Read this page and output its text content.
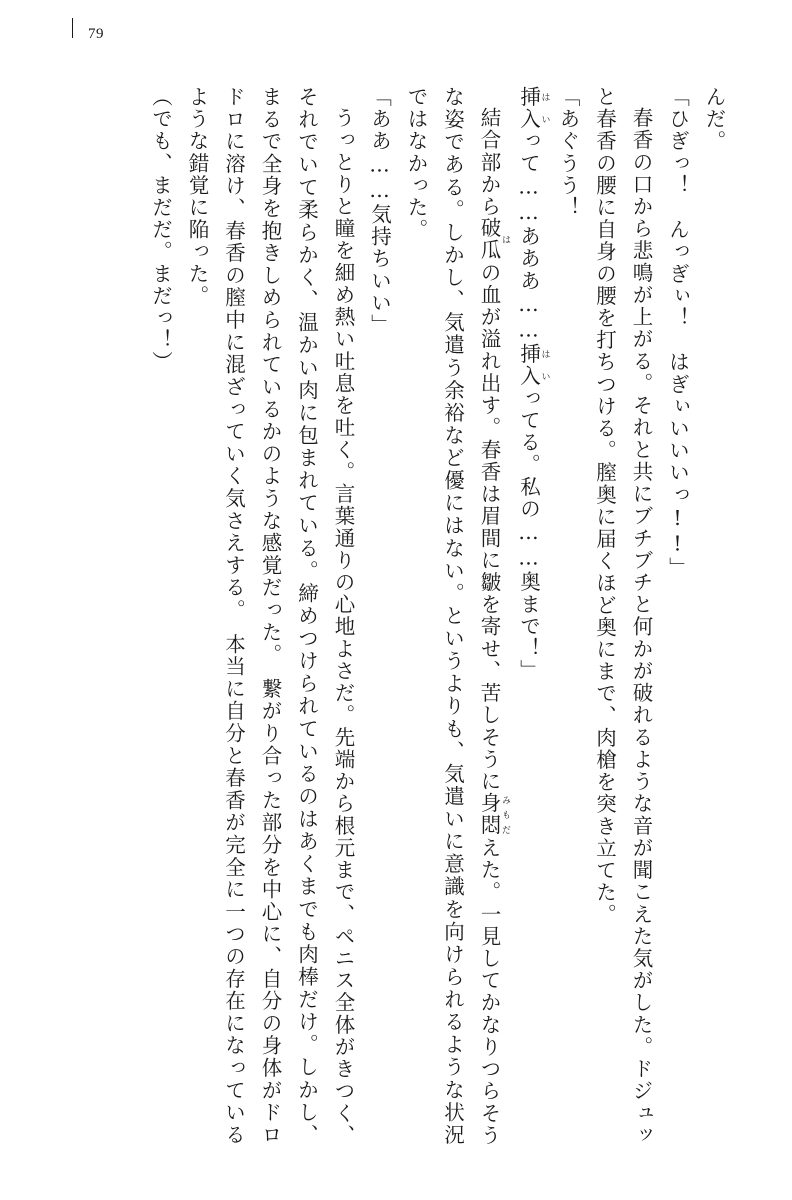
79

んだ。

「ひぎっ！　んっぎぃ！　はぎぃいいいっ!!」

春香の口から悲鳴が上がる。それと共にブチブチと何かが破れるような音が聞こえた気がした。ドジュッと春香の腰に自身の腰を打ちつける。膣奥に届くほど奥にまで、肉槍を突き立てた。

「あぐうう！

挿入 はいって……あああ……挿入 はいってる。私の……奥まで！」

結合部から破瓜 はの血が溢れ出す。春香は眉間に皺を寄せ、苦しそうに身悶 みもだえた。一見してかなりつらそうな姿である。しかし、気遣う余裕など優にはない。というよりも、気遣いに意識を向けられるような状況ではなかった。

「ああ……気持ちいい」

うっとりと瞳を細め熱い吐息を吐く。言葉通りの心地よさだ。先端から根元まで、ペニス全体がきつく、それでいて柔らかく、温かい肉に包まれている。締めつけられているのはあくまでも肉棒だけ。しかし、まるで全身を抱きしめられているかのような感覚だった。　繋がり合った部分を中心に、自分の身体がドロドロに溶け、春香の膣中に混ざっていく気さえする。　本当に自分と春香が完全に一つの存在になっているような錯覚に陥った。

（でも、まだだ。まだっ！）
